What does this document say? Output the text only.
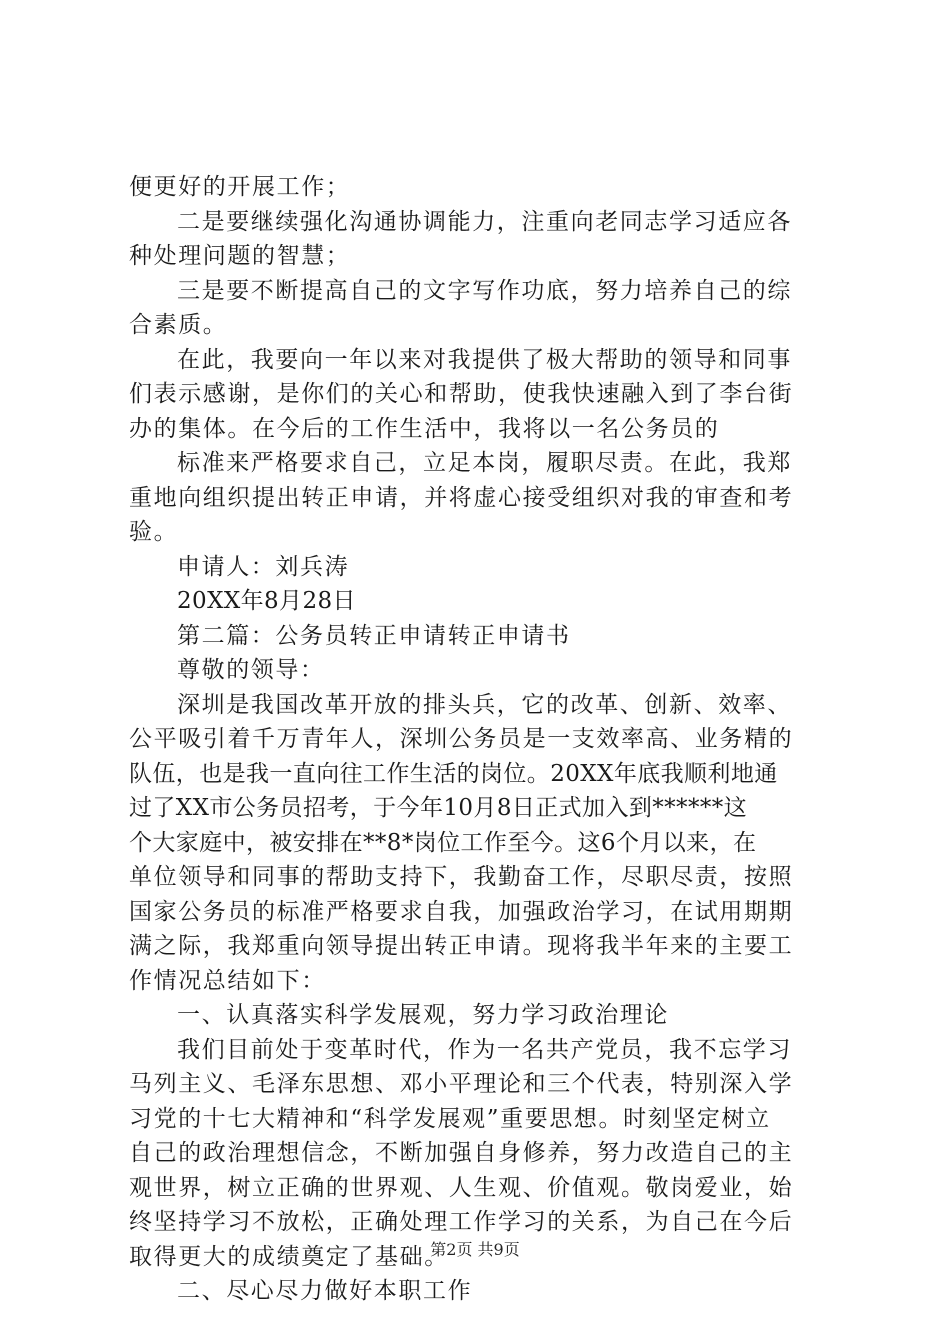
便更好的开展工作；
二是要继续强化沟通协调能力，注重向老同志学习适应各
种处理问题的智慧；
三是要不断提高自己的文字写作功底，努力培养自己的综
合素质。
在此，我要向一年以来对我提供了极大帮助的领导和同事
们表示感谢，是你们的关心和帮助，使我快速融入到了李台街
办的集体。在今后的工作生活中，我将以一名公务员的
标准来严格要求自己，立足本岗，履职尽责。在此，我郑
重地向组织提出转正申请，并将虚心接受组织对我的审查和考
验。
申请人：刘兵涛
20XX年8月28日
第二篇：公务员转正申请转正申请书
尊敬的领导：
深圳是我国改革开放的排头兵，它的改革、创新、效率、
公平吸引着千万青年人，深圳公务员是一支效率高、业务精的
队伍，也是我一直向往工作生活的岗位。20XX年底我顺利地通
过了XX市公务员招考，于今年10月8日正式加入到******这
个大家庭中，被安排在**8*岗位工作至今。这6个月以来，在
单位领导和同事的帮助支持下，我勤奋工作，尽职尽责，按照
国家公务员的标准严格要求自我，加强政治学习，在试用期期
满之际，我郑重向领导提出转正申请。现将我半年来的主要工
作情况总结如下：
一、认真落实科学发展观，努力学习政治理论
我们目前处于变革时代，作为一名共产党员，我不忘学习
马列主义、毛泽东思想、邓小平理论和三个代表，特别深入学
习党的十七大精神和“科学发展观”重要思想。时刻坚定树立
自己的政治理想信念，不断加强自身修养，努力改造自己的主
观世界，树立正确的世界观、人生观、价值观。敬岗爱业，始
终坚持学习不放松，正确处理工作学习的关系，为自己在今后
取得更大的成绩奠定了基础。
二、尽心尽力做好本职工作
第2页 共9页
